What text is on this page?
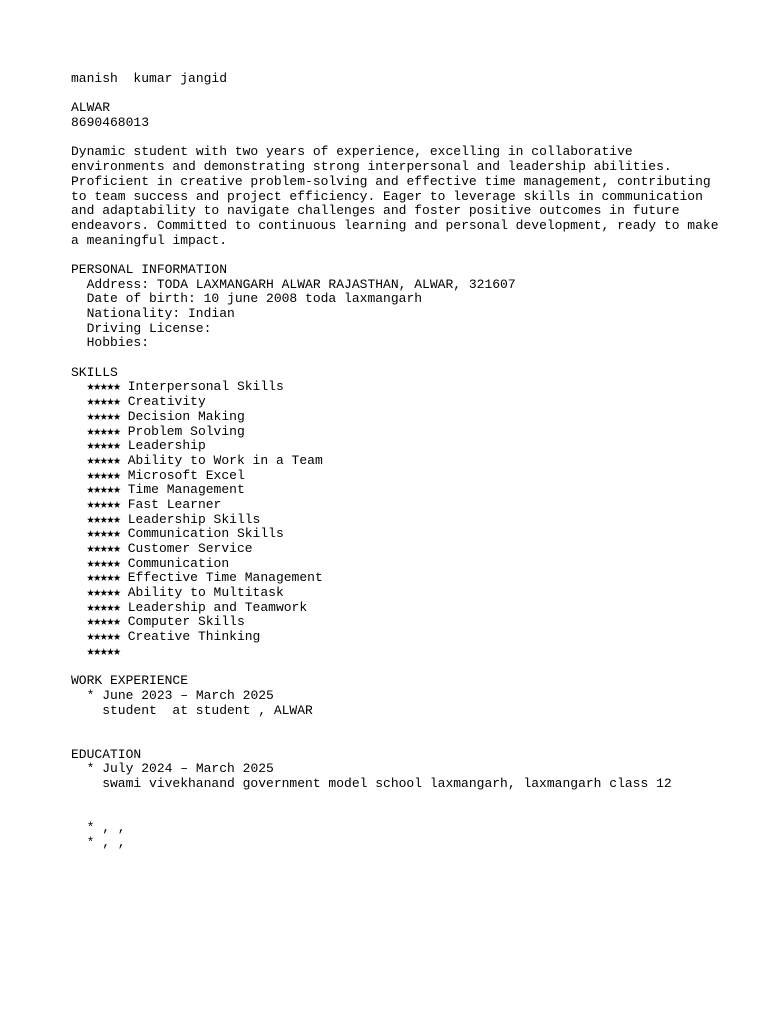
manish  kumar jangid
ALWAR
8690468013
Dynamic student with two years of experience, excelling in collaborative
environments and demonstrating strong interpersonal and leadership abilities.
Proficient in creative problem-solving and effective time management, contributing
to team success and project efficiency. Eager to leverage skills in communication
and adaptability to navigate challenges and foster positive outcomes in future
endeavors. Committed to continuous learning and personal development, ready to make
a meaningful impact.
PERSONAL INFORMATION
Address: TODA LAXMANGARH ALWAR RAJASTHAN, ALWAR, 321607
Date of birth: 10 june 2008 toda laxmangarh
Nationality: Indian
Driving License:
Hobbies:
SKILLS
★★★★★ Interpersonal Skills
★★★★★ Creativity
★★★★★ Decision Making
★★★★★ Problem Solving
★★★★★ Leadership
★★★★★ Ability to Work in a Team
★★★★★ Microsoft Excel
★★★★★ Time Management
★★★★★ Fast Learner
★★★★★ Leadership Skills
★★★★★ Communication Skills
★★★★★ Customer Service
★★★★★ Communication
★★★★★ Effective Time Management
★★★★★ Ability to Multitask
★★★★★ Leadership and Teamwork
★★★★★ Computer Skills
★★★★★ Creative Thinking
★★★★★
WORK EXPERIENCE
* June 2023 – March 2025
student  at student , ALWAR
EDUCATION
* July 2024 – March 2025
swami vivekhanand government model school laxmangarh, laxmangarh class 12
* , ,
* , ,
